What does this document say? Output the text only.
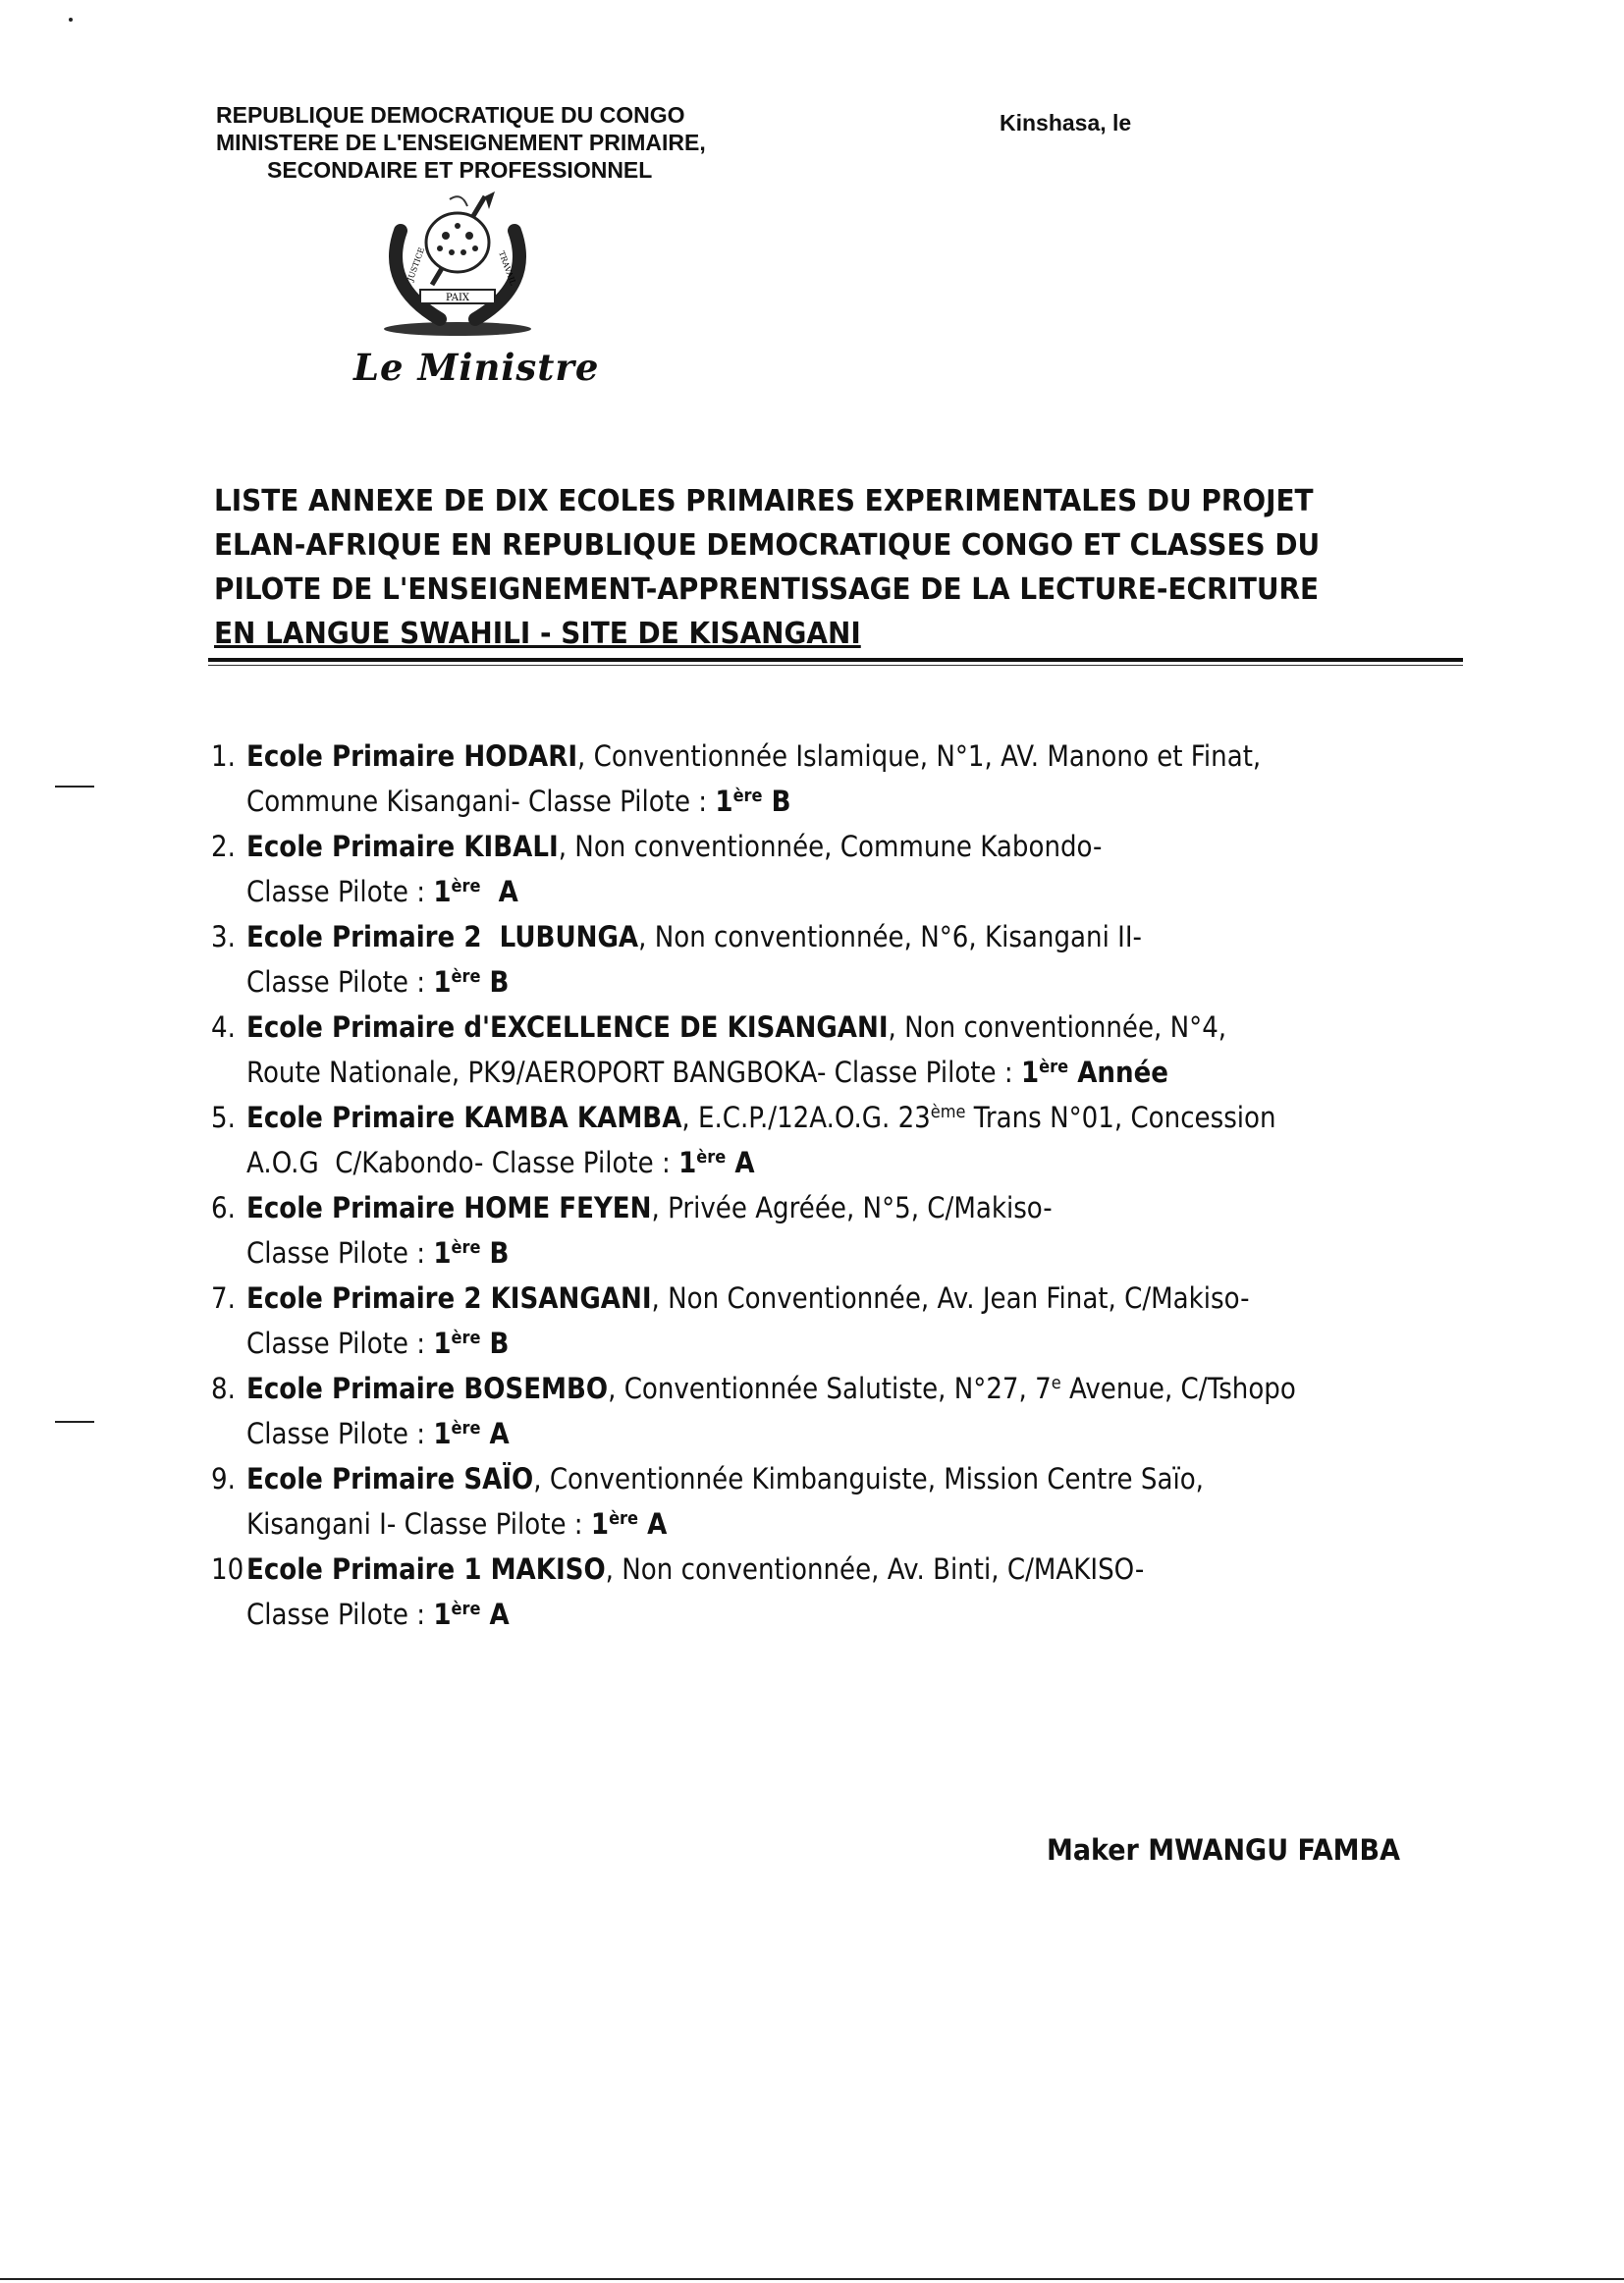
REPUBLIQUE DEMOCRATIQUE DU CONGO
MINISTERE DE L'ENSEIGNEMENT PRIMAIRE,
SECONDAIRE ET PROFESSIONNEL
Kinshasa, le
PAIX
JUSTICE	TRAVAIL
Le Ministre
LISTE ANNEXE DE DIX ECOLES PRIMAIRES EXPERIMENTALES DU PROJET
ELAN-AFRIQUE EN REPUBLIQUE DEMOCRATIQUE CONGO ET CLASSES DU
PILOTE DE L'ENSEIGNEMENT-APPRENTISSAGE DE LA LECTURE-ECRITURE
EN LANGUE SWAHILI - SITE DE KISANGANI
1. Ecole Primaire HODARI, Conventionnée Islamique, N°1, AV. Manono et Finat,
Commune Kisangani- Classe Pilote : 1ère B
2. Ecole Primaire KIBALI, Non conventionnée, Commune Kabondo-
Classe Pilote : 1ère  A
3. Ecole Primaire 2  LUBUNGA, Non conventionnée, N°6, Kisangani II-
Classe Pilote : 1ère B
4. Ecole Primaire d'EXCELLENCE DE KISANGANI, Non conventionnée, N°4,
Route Nationale, PK9/AEROPORT BANGBOKA- Classe Pilote : 1ère Année
5. Ecole Primaire KAMBA KAMBA, E.C.P./12A.O.G. 23ème Trans N°01, Concession
A.O.G  C/Kabondo- Classe Pilote : 1ère A
6. Ecole Primaire HOME FEYEN, Privée Agréée, N°5, C/Makiso-
Classe Pilote : 1ère B
7. Ecole Primaire 2 KISANGANI, Non Conventionnée, Av. Jean Finat, C/Makiso-
Classe Pilote : 1ère B
8. Ecole Primaire BOSEMBO, Conventionnée Salutiste, N°27, 7e Avenue, C/Tshopo
Classe Pilote : 1ère A
9. Ecole Primaire SAÏO, Conventionnée Kimbanguiste, Mission Centre Saïo,
Kisangani I- Classe Pilote : 1ère A
10 Ecole Primaire 1 MAKISO, Non conventionnée, Av. Binti, C/MAKISO-
Classe Pilote : 1ère A
Maker MWANGU FAMBA
